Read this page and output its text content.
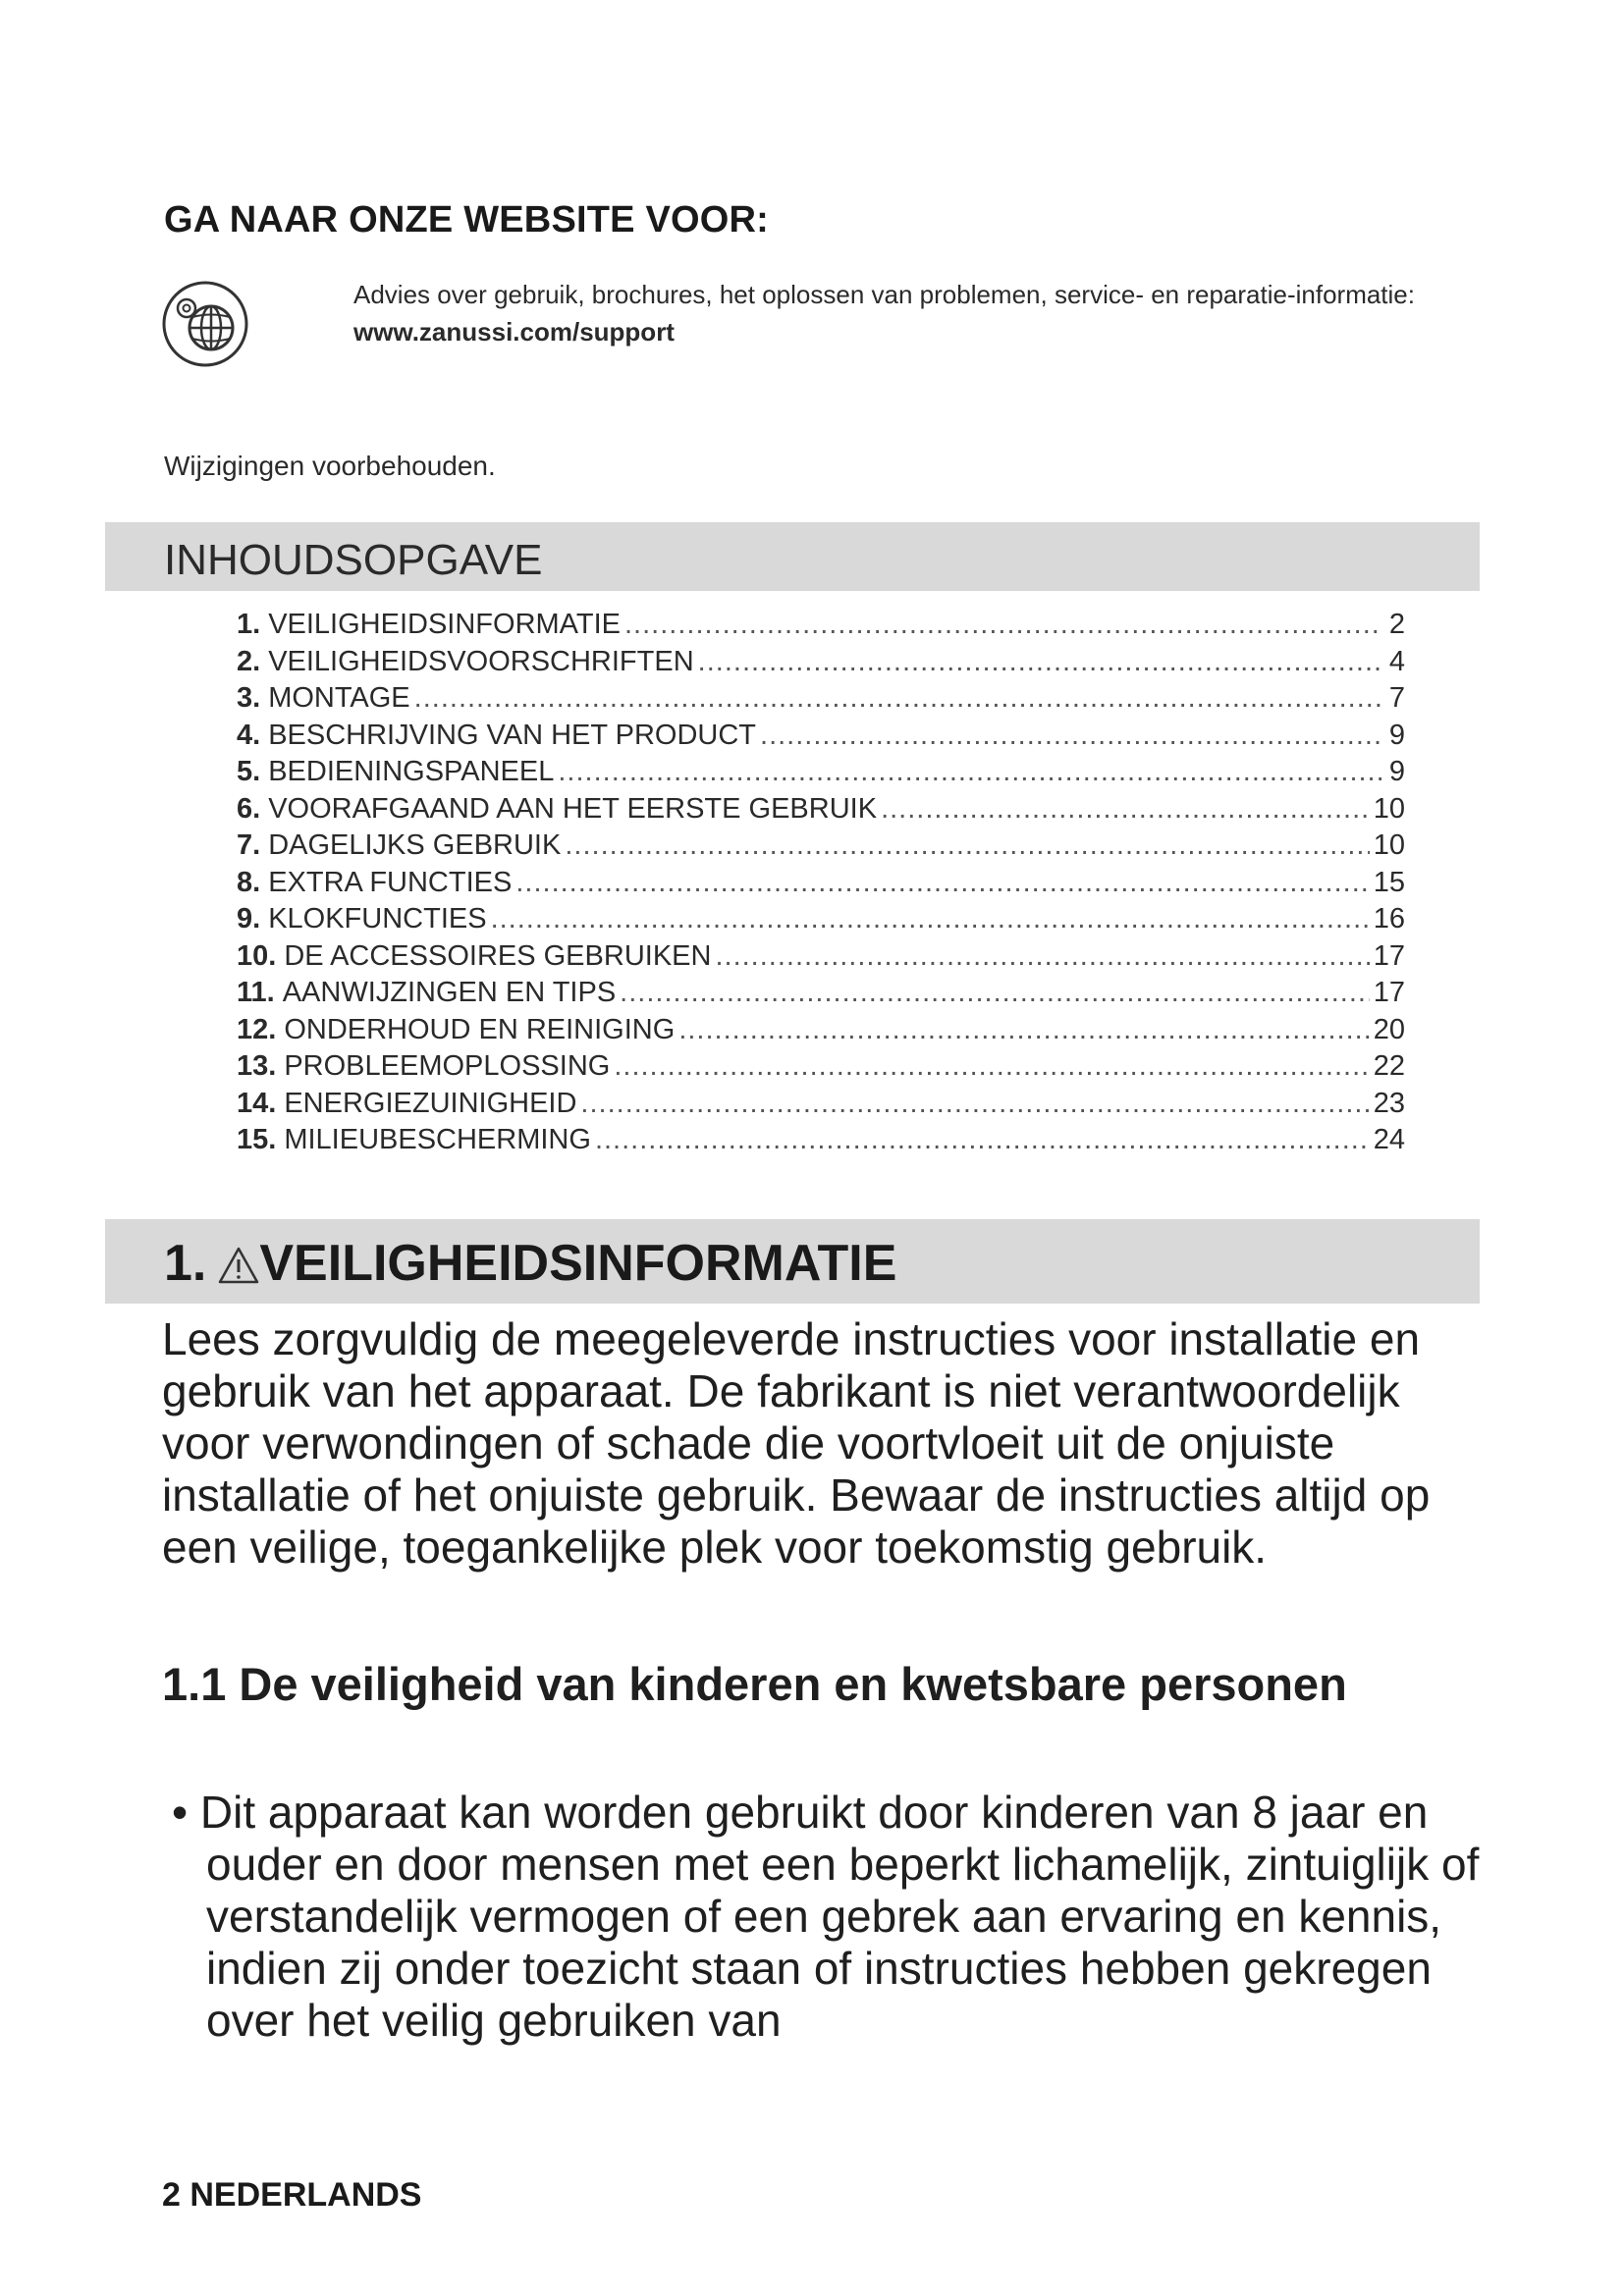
GA NAAR ONZE WEBSITE VOOR:
Advies over gebruik, brochures, het oplossen van problemen, service- en reparatie-informatie:
www.zanussi.com/support
Wijzigingen voorbehouden.
INHOUDSOPGAVE
1. VEILIGHEIDSINFORMATIE .....	2
2. VEILIGHEIDSVOORSCHRIFTEN .....	4
3. MONTAGE .....	7
4. BESCHRIJVING VAN HET PRODUCT .....	9
5. BEDIENINGSPANEEL .....	9
6. VOORAFGAAND AAN HET EERSTE GEBRUIK .....	10
7. DAGELIJKS GEBRUIK .....	10
8. EXTRA FUNCTIES .....	15
9. KLOKFUNCTIES .....	16
10. DE ACCESSOIRES GEBRUIKEN .....	17
11. AANWIJZINGEN EN TIPS .....	17
12. ONDERHOUD EN REINIGING .....	20
13. PROBLEEMOPLOSSING .....	22
14. ENERGIEZUINIGHEID .....	23
15. MILIEUBESCHERMING .....	24
1. VEILIGHEIDSINFORMATIE

Lees zorgvuldig de meegeleverde instructies voor installatie en gebruik van het apparaat. De fabrikant is niet verantwoordelijk voor verwondingen of schade die voortvloeit uit de onjuiste installatie of het onjuiste gebruik. Bewaar de instructies altijd op een veilige, toegankelijke plek voor toekomstig gebruik.

1.1 De veiligheid van kinderen en kwetsbare personen

• Dit apparaat kan worden gebruikt door kinderen van 8 jaar en ouder en door mensen met een beperkt lichamelijk, zintuiglijk of verstandelijk vermogen of een gebrek aan ervaring en kennis, indien zij onder toezicht staan of instructies hebben gekregen over het veilig gebruiken van

2 NEDERLANDS
